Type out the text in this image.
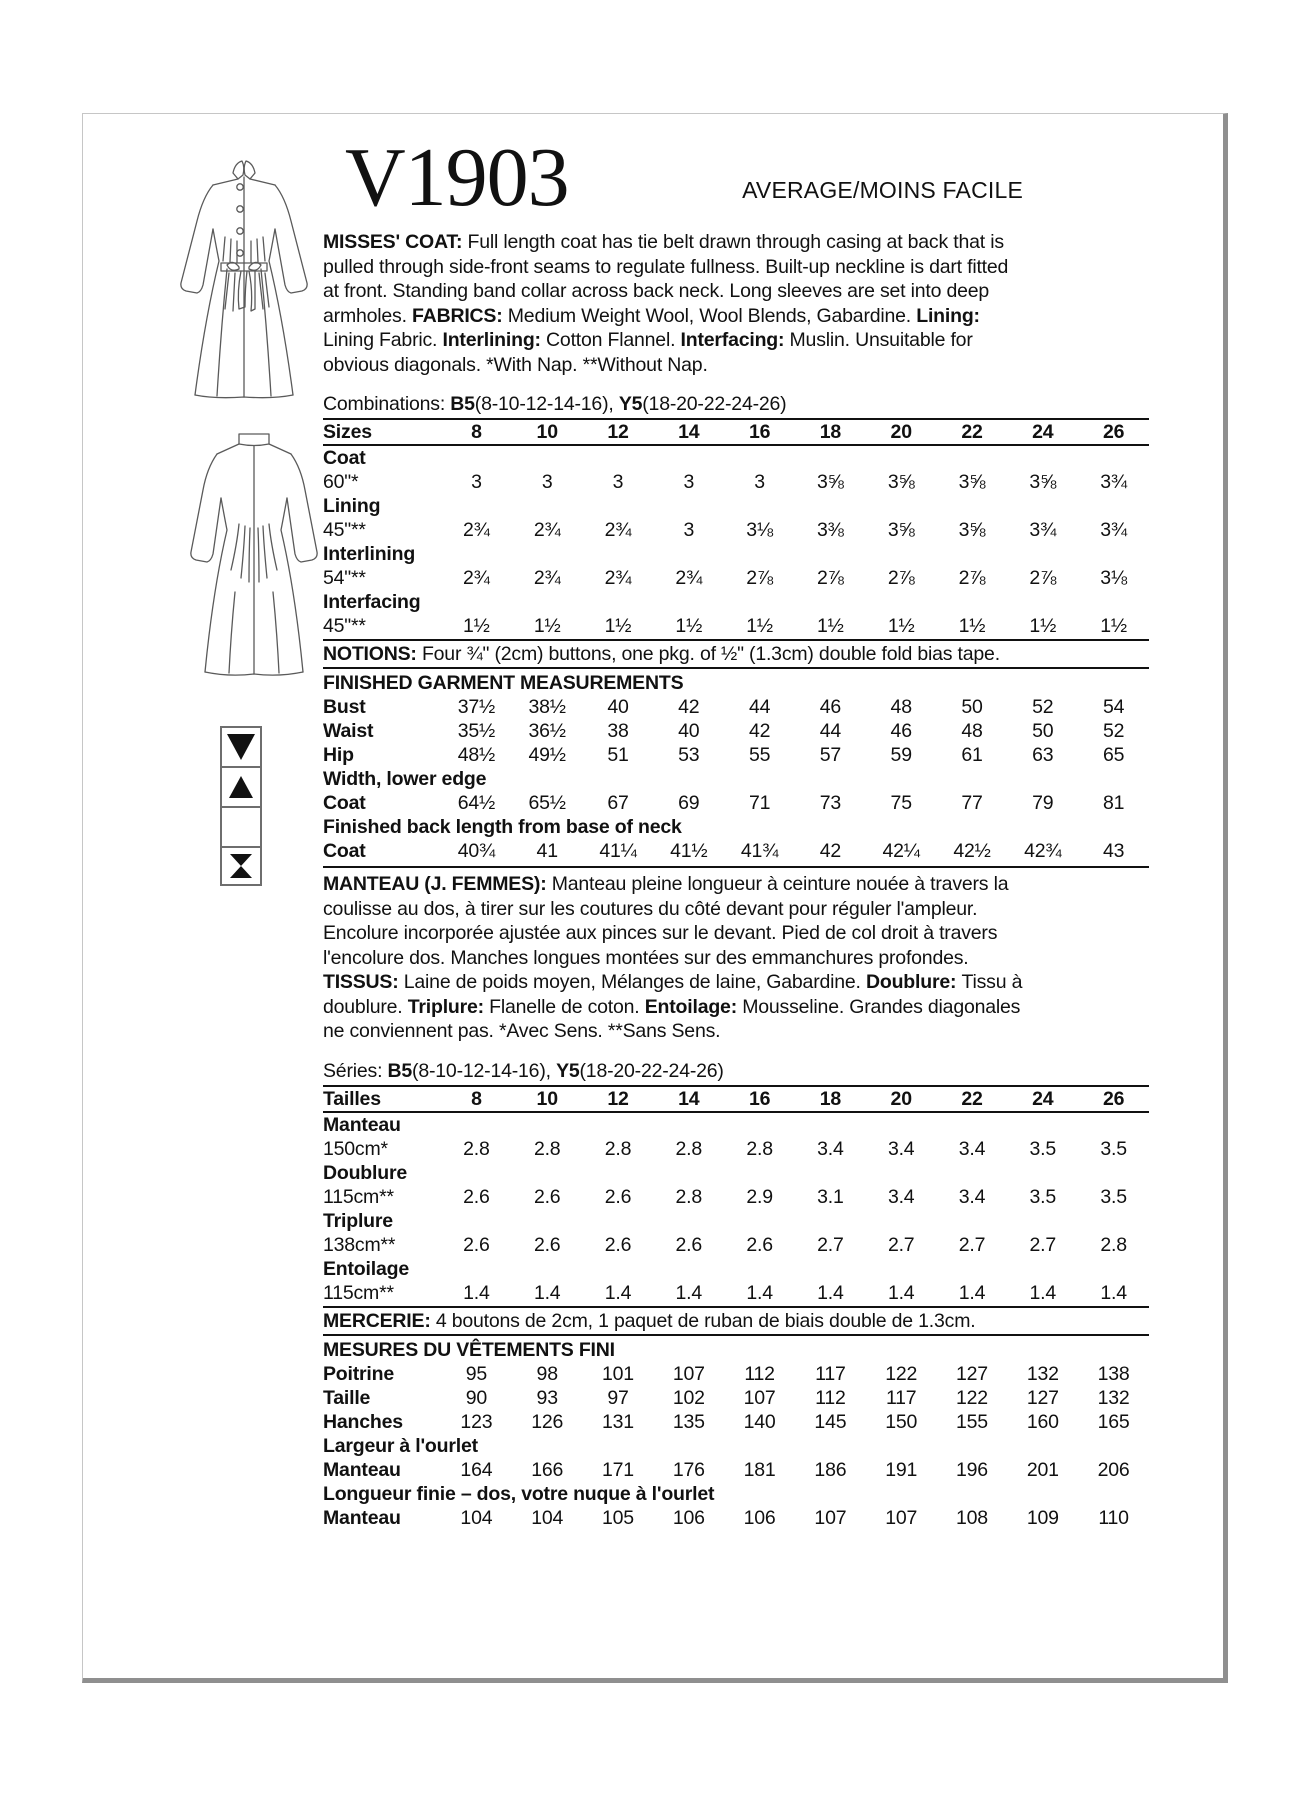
V1903	AVERAGE/MOINS FACILE

MISSES' COAT: Full length coat has tie belt drawn through casing at back that is pulled through side-front seams to regulate fullness. Built-up neckline is dart fitted at front. Standing band collar across back neck. Long sleeves are set into deep armholes. FABRICS: Medium Weight Wool, Wool Blends, Gabardine. Lining: Lining Fabric. Interlining: Cotton Flannel. Interfacing: Muslin. Unsuitable for obvious diagonals. *With Nap. **Without Nap.

Combinations: B5(8-10-12-14-16), Y5(18-20-22-24-26)

Sizes	8	10	12	14	16	18	20	22	24	26
Coat
60"*	3	3	3	3	3	3⅝	3⅝	3⅝	3⅝	3¾
Lining
45"**	2¾	2¾	2¾	3	3⅛	3⅜	3⅝	3⅝	3¾	3¾
Interlining
54"**	2¾	2¾	2¾	2¾	2⅞	2⅞	2⅞	2⅞	2⅞	3⅛
Interfacing
45"**	1½	1½	1½	1½	1½	1½	1½	1½	1½	1½
NOTIONS: Four ¾" (2cm) buttons, one pkg. of ½" (1.3cm) double fold bias tape.
FINISHED GARMENT MEASUREMENTS
Bust	37½	38½	40	42	44	46	48	50	52	54
Waist	35½	36½	38	40	42	44	46	48	50	52
Hip	48½	49½	51	53	55	57	59	61	63	65
Width, lower edge
Coat	64½	65½	67	69	71	73	75	77	79	81
Finished back length from base of neck
Coat	40¾	41	41¼	41½	41¾	42	42¼	42½	42¾	43

MANTEAU (J. FEMMES): Manteau pleine longueur à ceinture nouée à travers la coulisse au dos, à tirer sur les coutures du côté devant pour réguler l'ampleur. Encolure incorporée ajustée aux pinces sur le devant. Pied de col droit à travers l'encolure dos. Manches longues montées sur des emmanchures profondes. TISSUS: Laine de poids moyen, Mélanges de laine, Gabardine. Doublure: Tissu à doublure. Triplure: Flanelle de coton. Entoilage: Mousseline. Grandes diagonales ne conviennent pas. *Avec Sens. **Sans Sens.

Séries: B5(8-10-12-14-16), Y5(18-20-22-24-26)

Tailles	8	10	12	14	16	18	20	22	24	26
Manteau
150cm*	2.8	2.8	2.8	2.8	2.8	3.4	3.4	3.4	3.5	3.5
Doublure
115cm**	2.6	2.6	2.6	2.8	2.9	3.1	3.4	3.4	3.5	3.5
Triplure
138cm**	2.6	2.6	2.6	2.6	2.6	2.7	2.7	2.7	2.7	2.8
Entoilage
115cm**	1.4	1.4	1.4	1.4	1.4	1.4	1.4	1.4	1.4	1.4
MERCERIE: 4 boutons de 2cm, 1 paquet de ruban de biais double de 1.3cm.
MESURES DU VÊTEMENTS FINI
Poitrine	95	98	101	107	112	117	122	127	132	138
Taille	90	93	97	102	107	112	117	122	127	132
Hanches	123	126	131	135	140	145	150	155	160	165
Largeur à l'ourlet
Manteau	164	166	171	176	181	186	191	196	201	206
Longueur finie – dos, votre nuque à l'ourlet
Manteau	104	104	105	106	106	107	107	108	109	110
